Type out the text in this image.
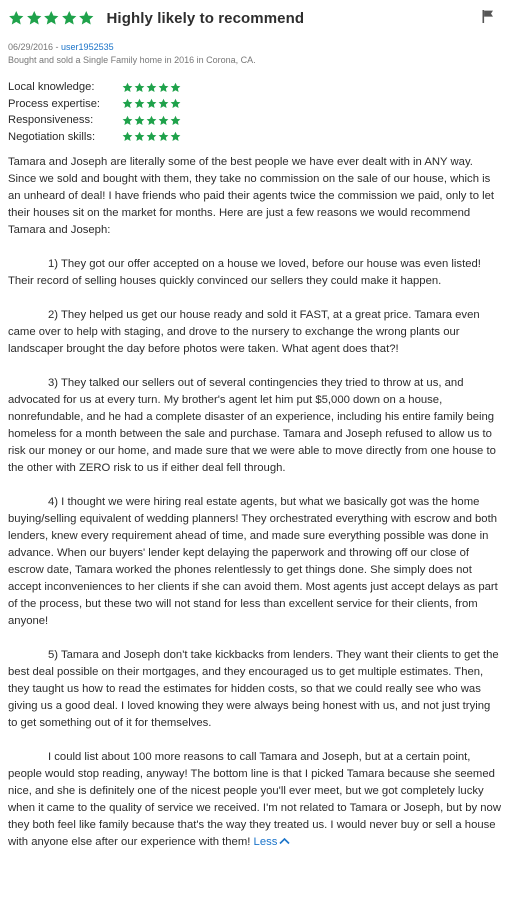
Highly likely to recommend
06/29/2016 - user1952535
Bought and sold a Single Family home in 2016 in Corona, CA.
Local knowledge:
Process expertise:
Responsiveness:
Negotiation skills:

Tamara and Joseph are literally some of the best people we have ever dealt with in ANY way. Since we sold and bought with them, they take no commission on the sale of our house, which is an unheard of deal! I have friends who paid their agents twice the commission we paid, only to let their houses sit on the market for months. Here are just a few reasons we would recommend Tamara and Joseph:

1) They got our offer accepted on a house we loved, before our house was even listed! Their record of selling houses quickly convinced our sellers they could make it happen.

2) They helped us get our house ready and sold it FAST, at a great price. Tamara even came over to help with staging, and drove to the nursery to exchange the wrong plants our landscaper brought the day before photos were taken. What agent does that?!

3) They talked our sellers out of several contingencies they tried to throw at us, and advocated for us at every turn. My brother's agent let him put $5,000 down on a house, nonrefundable, and he had a complete disaster of an experience, including his entire family being homeless for a month between the sale and purchase. Tamara and Joseph refused to allow us to risk our money or our home, and made sure that we were able to move directly from one house to the other with ZERO risk to us if either deal fell through.

4) I thought we were hiring real estate agents, but what we basically got was the home buying/selling equivalent of wedding planners! They orchestrated everything with escrow and both lenders, knew every requirement ahead of time, and made sure everything possible was done in advance. When our buyers' lender kept delaying the paperwork and throwing off our close of escrow date, Tamara worked the phones relentlessly to get things done. She simply does not accept inconveniences to her clients if she can avoid them. Most agents just accept delays as part of the process, but these two will not stand for less than excellent service for their clients, from anyone!

5) Tamara and Joseph don't take kickbacks from lenders. They want their clients to get the best deal possible on their mortgages, and they encouraged us to get multiple estimates. Then, they taught us how to read the estimates for hidden costs, so that we could really see who was giving us a good deal. I loved knowing they were always being honest with us, and not just trying to get something out of it for themselves.

I could list about 100 more reasons to call Tamara and Joseph, but at a certain point, people would stop reading, anyway! The bottom line is that I picked Tamara because she seemed nice, and she is definitely one of the nicest people you'll ever meet, but we got completely lucky when it came to the quality of service we received. I'm not related to Tamara or Joseph, but by now they both feel like family because that's the way they treated us. I would never buy or sell a house with anyone else after our experience with them! Less
